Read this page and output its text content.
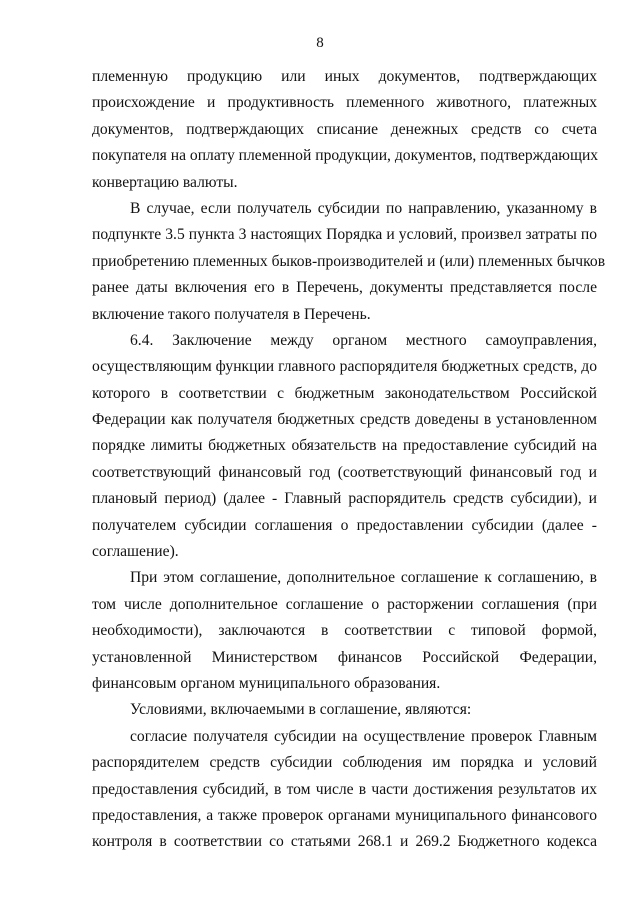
8
племенную продукцию или иных документов, подтверждающих
происхождение и продуктивность племенного животного, платежных
документов, подтверждающих списание денежных средств со счета
покупателя на оплату племенной продукции, документов, подтверждающих
конвертацию валюты.
В случае, если получатель субсидии по направлению, указанному в
подпункте 3.5 пункта 3 настоящих Порядка и условий, произвел затраты по
приобретению племенных быков-производителей и (или) племенных бычков
ранее даты включения его в Перечень, документы представляется после
включение такого получателя в Перечень.
6.4. Заключение между органом местного самоуправления,
осуществляющим функции главного распорядителя бюджетных средств, до
которого в соответствии с бюджетным законодательством Российской
Федерации как получателя бюджетных средств доведены в установленном
порядке лимиты бюджетных обязательств на предоставление субсидий на
соответствующий финансовый год (соответствующий финансовый год и
плановый период) (далее - Главный распорядитель средств субсидии), и
получателем субсидии соглашения о предоставлении субсидии (далее -
соглашение).
При этом соглашение, дополнительное соглашение к соглашению, в
том числе дополнительное соглашение о расторжении соглашения (при
необходимости), заключаются в соответствии с типовой формой,
установленной Министерством финансов Российской Федерации,
финансовым органом муниципального образования.
Условиями, включаемыми в соглашение, являются:
согласие получателя субсидии на осуществление проверок Главным
распорядителем средств субсидии соблюдения им порядка и условий
предоставления субсидий, в том числе в части достижения результатов их
предоставления, а также проверок органами муниципального финансового
контроля в соответствии со статьями 268.1 и 269.2 Бюджетного кодекса
